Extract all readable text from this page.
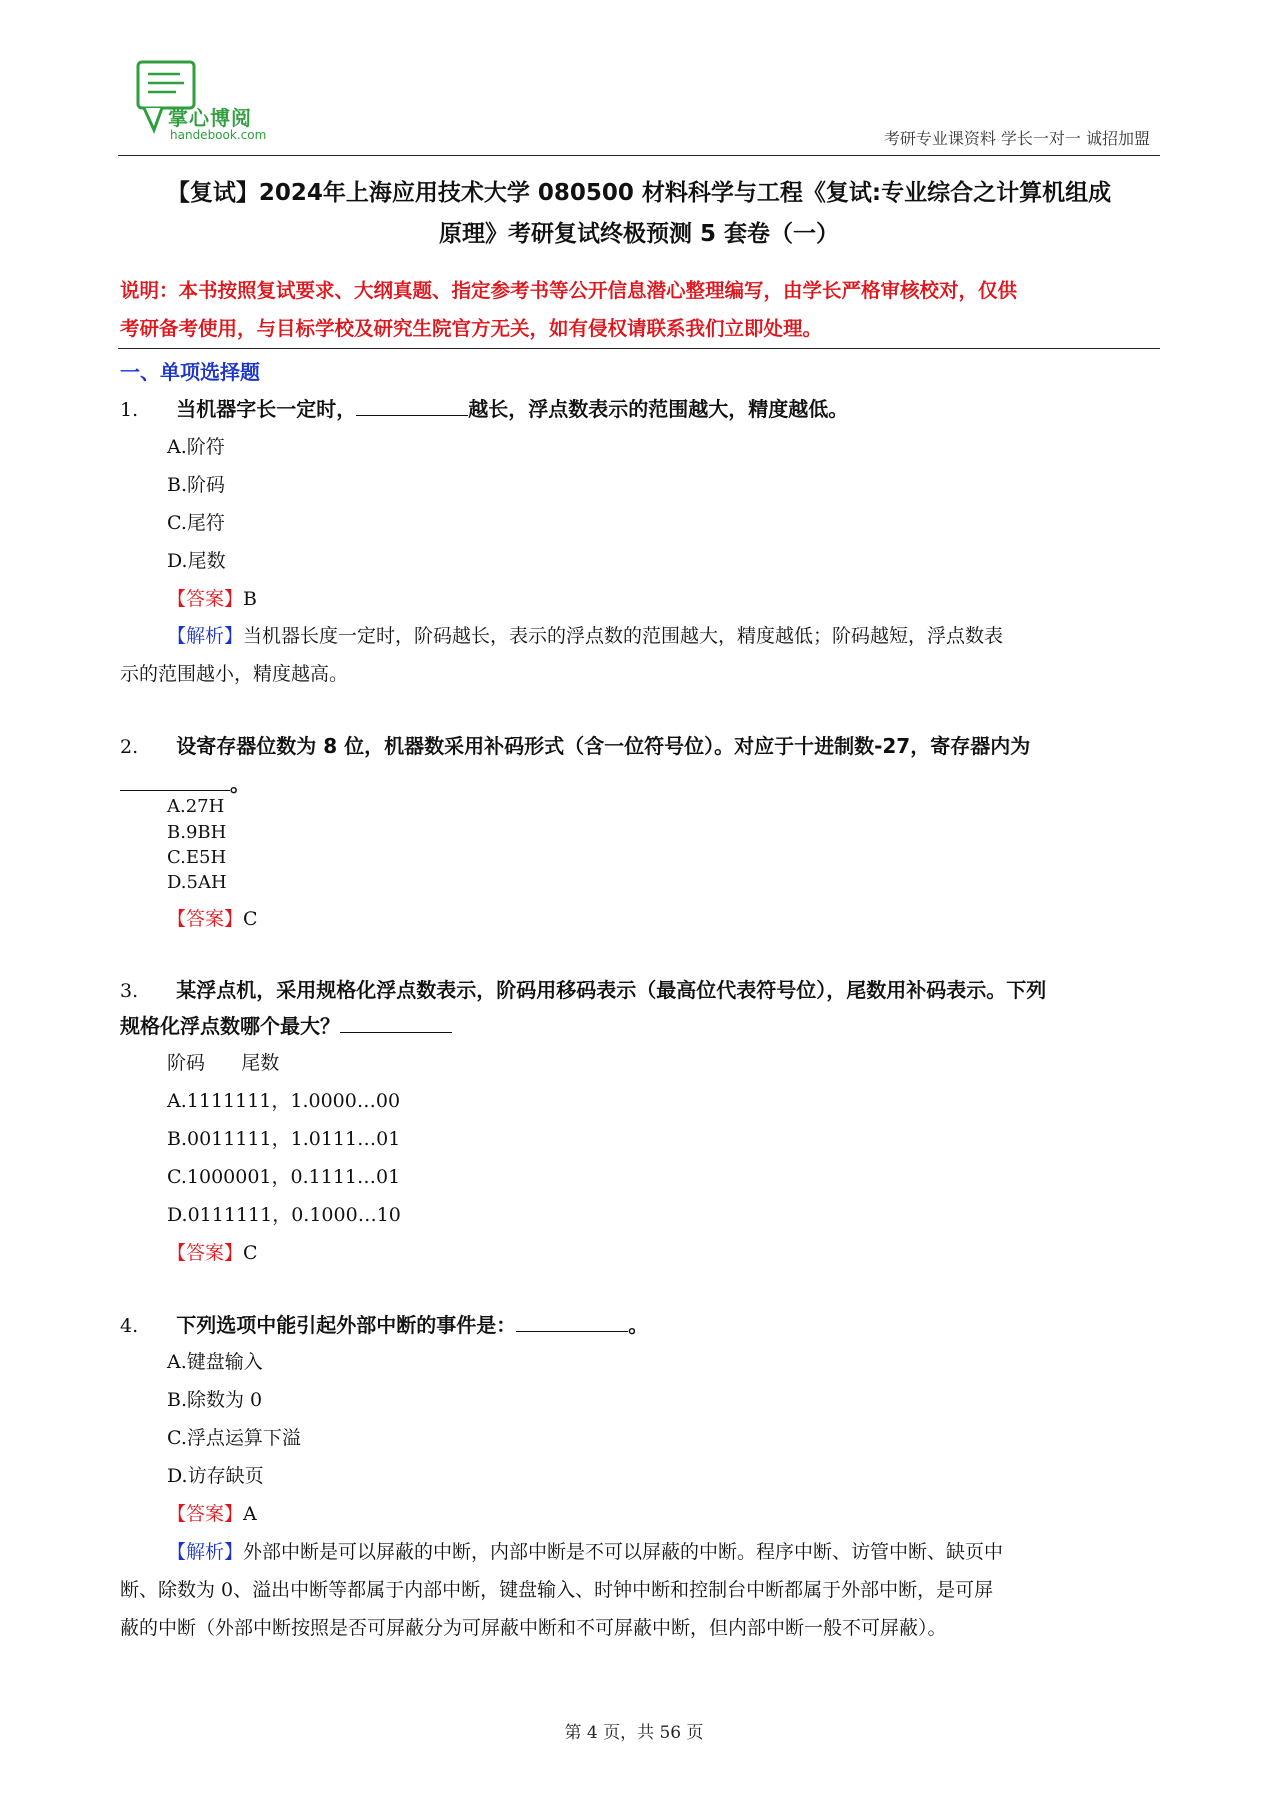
掌心博阅
handebook.com	考研专业课资料 学长一对一 诚招加盟
【复试】2024年上海应用技术大学 080500 材料科学与工程《复试:专业综合之计算机组成
原理》考研复试终极预测 5 套卷（一）
说明：本书按照复试要求、大纲真题、指定参考书等公开信息潜心整理编写，由学长严格审核校对，仅供
考研备考使用，与目标学校及研究生院官方无关，如有侵权请联系我们立即处理。
一、单项选择题
1. 当机器字长一定时，	越长，浮点数表示的范围越大，精度越低。
A.阶符
B.阶码
C.尾符
D.尾数
【答案】B
【解析】当机器长度一定时，阶码越长，表示的浮点数的范围越大，精度越低；阶码越短，浮点数表
示的范围越小，精度越高。
2. 设寄存器位数为 8 位，机器数采用补码形式（含一位符号位）。对应于十进制数-27，寄存器内为
。
A.27H
B.9BH
C.E5H
D.5AH
【答案】C
3. 某浮点机，采用规格化浮点数表示，阶码用移码表示（最高位代表符号位），尾数用补码表示。下列
规格化浮点数哪个最大？
阶码      尾数
A.1111111，1.0000…00
B.0011111，1.0111…01
C.1000001，0.1111…01
D.0111111，0.1000…10
【答案】C
4. 下列选项中能引起外部中断的事件是：	。
A.键盘输入
B.除数为 0
C.浮点运算下溢
D.访存缺页
【答案】A
【解析】外部中断是可以屏蔽的中断，内部中断是不可以屏蔽的中断。程序中断、访管中断、缺页中
断、除数为 0、溢出中断等都属于内部中断，键盘输入、时钟中断和控制台中断都属于外部中断，是可屏
蔽的中断（外部中断按照是否可屏蔽分为可屏蔽中断和不可屏蔽中断，但内部中断一般不可屏蔽）。
第 4 页，共 56 页
